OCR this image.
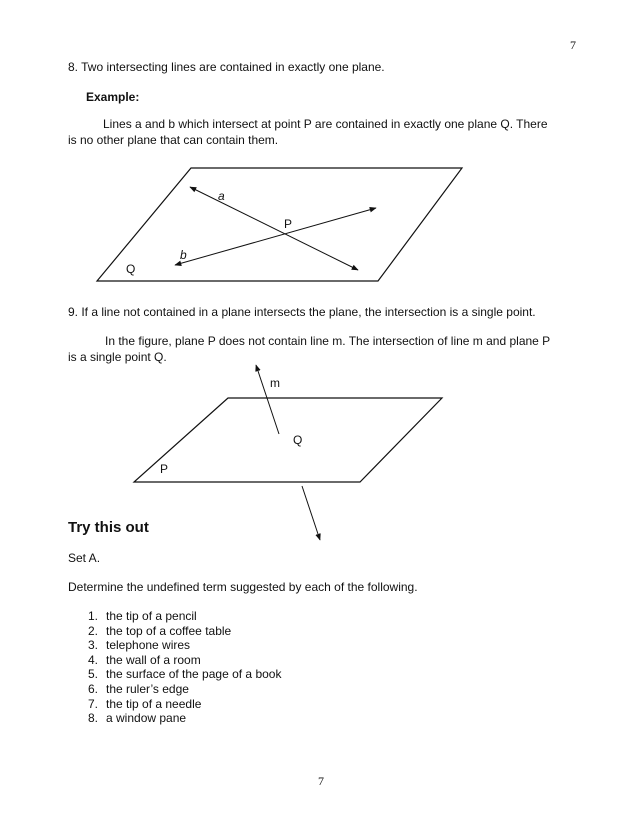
7
7
8. Two intersecting lines are contained in exactly one plane.
Example:
Lines a and b which intersect at point P are contained in exactly one plane Q. There
is no other plane that can contain them.
a
b
P
Q
9. If a line not contained in a plane intersects the plane, the intersection is a single point.
In the figure, plane P does not contain line m. The intersection of line m and plane P
is a single point Q.
m
Q
P
Try this out
Set A.
Determine the undefined term suggested by each of the following.
1. the tip of a pencil
2. the top of a coffee table
3. telephone wires
4. the wall of a room
5. the surface of the page of a book
6. the ruler’s edge
7. the tip of a needle
8. a window pane
